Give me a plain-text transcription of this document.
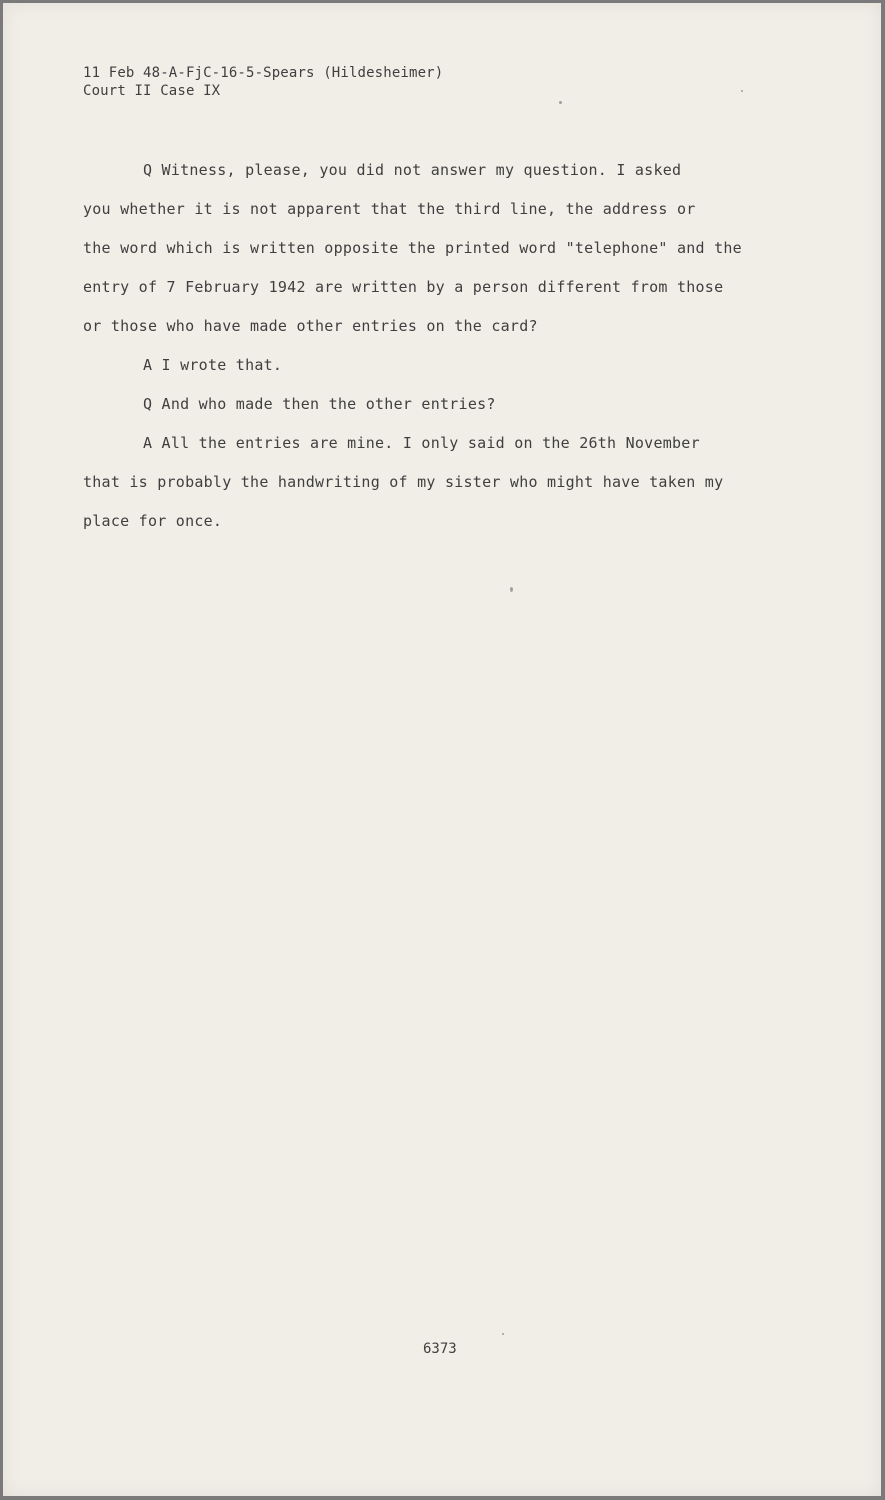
11 Feb 48-A-FjC-16-5-Spears (Hildesheimer)

Court II Case IX

Q Witness, please, you did not answer my question. I asked

you whether it is not apparent that the third line, the address or

the word which is written opposite the printed word "telephone" and the

entry of 7 February 1942 are written by a person different from those

or those who have made other entries on the card?

A I wrote that.

Q And who made then the other entries?

A All the entries are mine. I only said on the 26th November

that is probably the handwriting of my sister who might have taken my

place for once.

6373
